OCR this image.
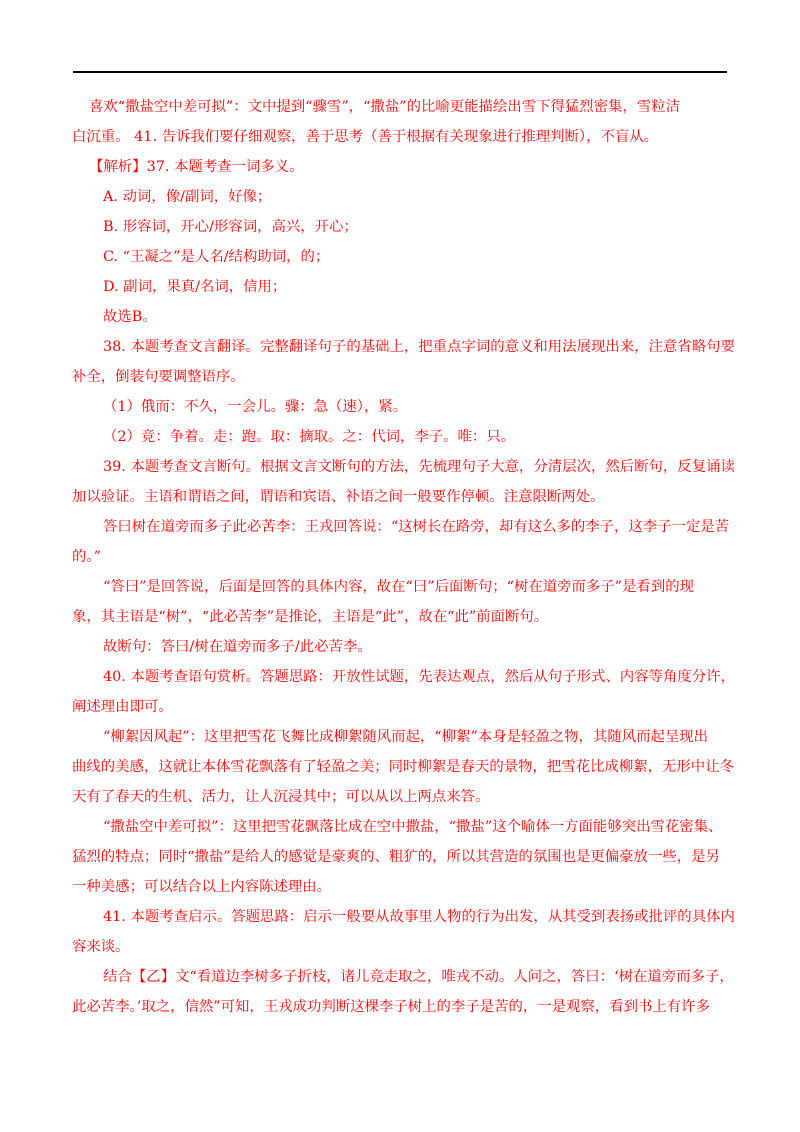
喜欢“撒盐空中差可拟”：文中提到“骤雪”，“撒盐”的比喻更能描绘出雪下得猛烈密集，雪粒洁
白沉重。 41. 告诉我们要仔细观察，善于思考（善于根据有关现象进行推理判断），不盲从。
【解析】37. 本题考查一词多义。
A. 动词，像/副词，好像；
B. 形容词，开心/形容词，高兴，开心；
C. “王凝之”是人名/结构助词，的；
D. 副词，果真/名词，信用；
故选B。
38. 本题考查文言翻译。完整翻译句子的基础上，把重点字词的意义和用法展现出来，注意省略句要
补全，倒装句要调整语序。
（1）俄而：不久，一会儿。骤：急（速），紧。
（2）竞：争着。走：跑。取：摘取。之：代词，李子。唯：只。
39. 本题考查文言断句。根据文言文断句的方法，先梳理句子大意，分清层次，然后断句，反复诵读
加以验证。主语和谓语之间，谓语和宾语、补语之间一般要作停顿。注意限断两处。
答曰树在道旁而多子此必苦李：王戎回答说：“这树长在路旁，却有这么多的李子，这李子一定是苦
的。”
“答曰”是回答说，后面是回答的具体内容，故在“曰”后面断句；“树在道旁而多子”是看到的现
象，其主语是“树”，“此必苦李”是推论，主语是“此”，故在“此”前面断句。
故断句：答曰/树在道旁而多子/此必苦李。
40. 本题考查语句赏析。答题思路：开放性试题，先表达观点，然后从句子形式、内容等角度分许，
阐述理由即可。
“柳絮因风起”：这里把雪花飞舞比成柳絮随风而起，“柳絮”本身是轻盈之物，其随风而起呈现出
曲线的美感，这就让本体雪花飘落有了轻盈之美；同时柳絮是春天的景物，把雪花比成柳絮，无形中让冬
天有了春天的生机、活力，让人沉浸其中；可以从以上两点来答。
“撒盐空中差可拟”：这里把雪花飘落比成在空中撒盐，“撒盐”这个喻体一方面能够突出雪花密集、
猛烈的特点；同时“撒盐”是给人的感觉是豪爽的、粗犷的，所以其营造的氛围也是更偏豪放一些，是另
一种美感；可以结合以上内容陈述理由。
41. 本题考查启示。答题思路：启示一般要从故事里人物的行为出发，从其受到表扬或批评的具体内
容来谈。
结合【乙】文“看道边李树多子折枝，诸儿竞走取之，唯戎不动。人问之，答曰：‘树在道旁而多子，
此必苦李。’取之，信然”可知，王戎成功判断这棵李子树上的李子是苦的，一是观察，看到书上有许多
